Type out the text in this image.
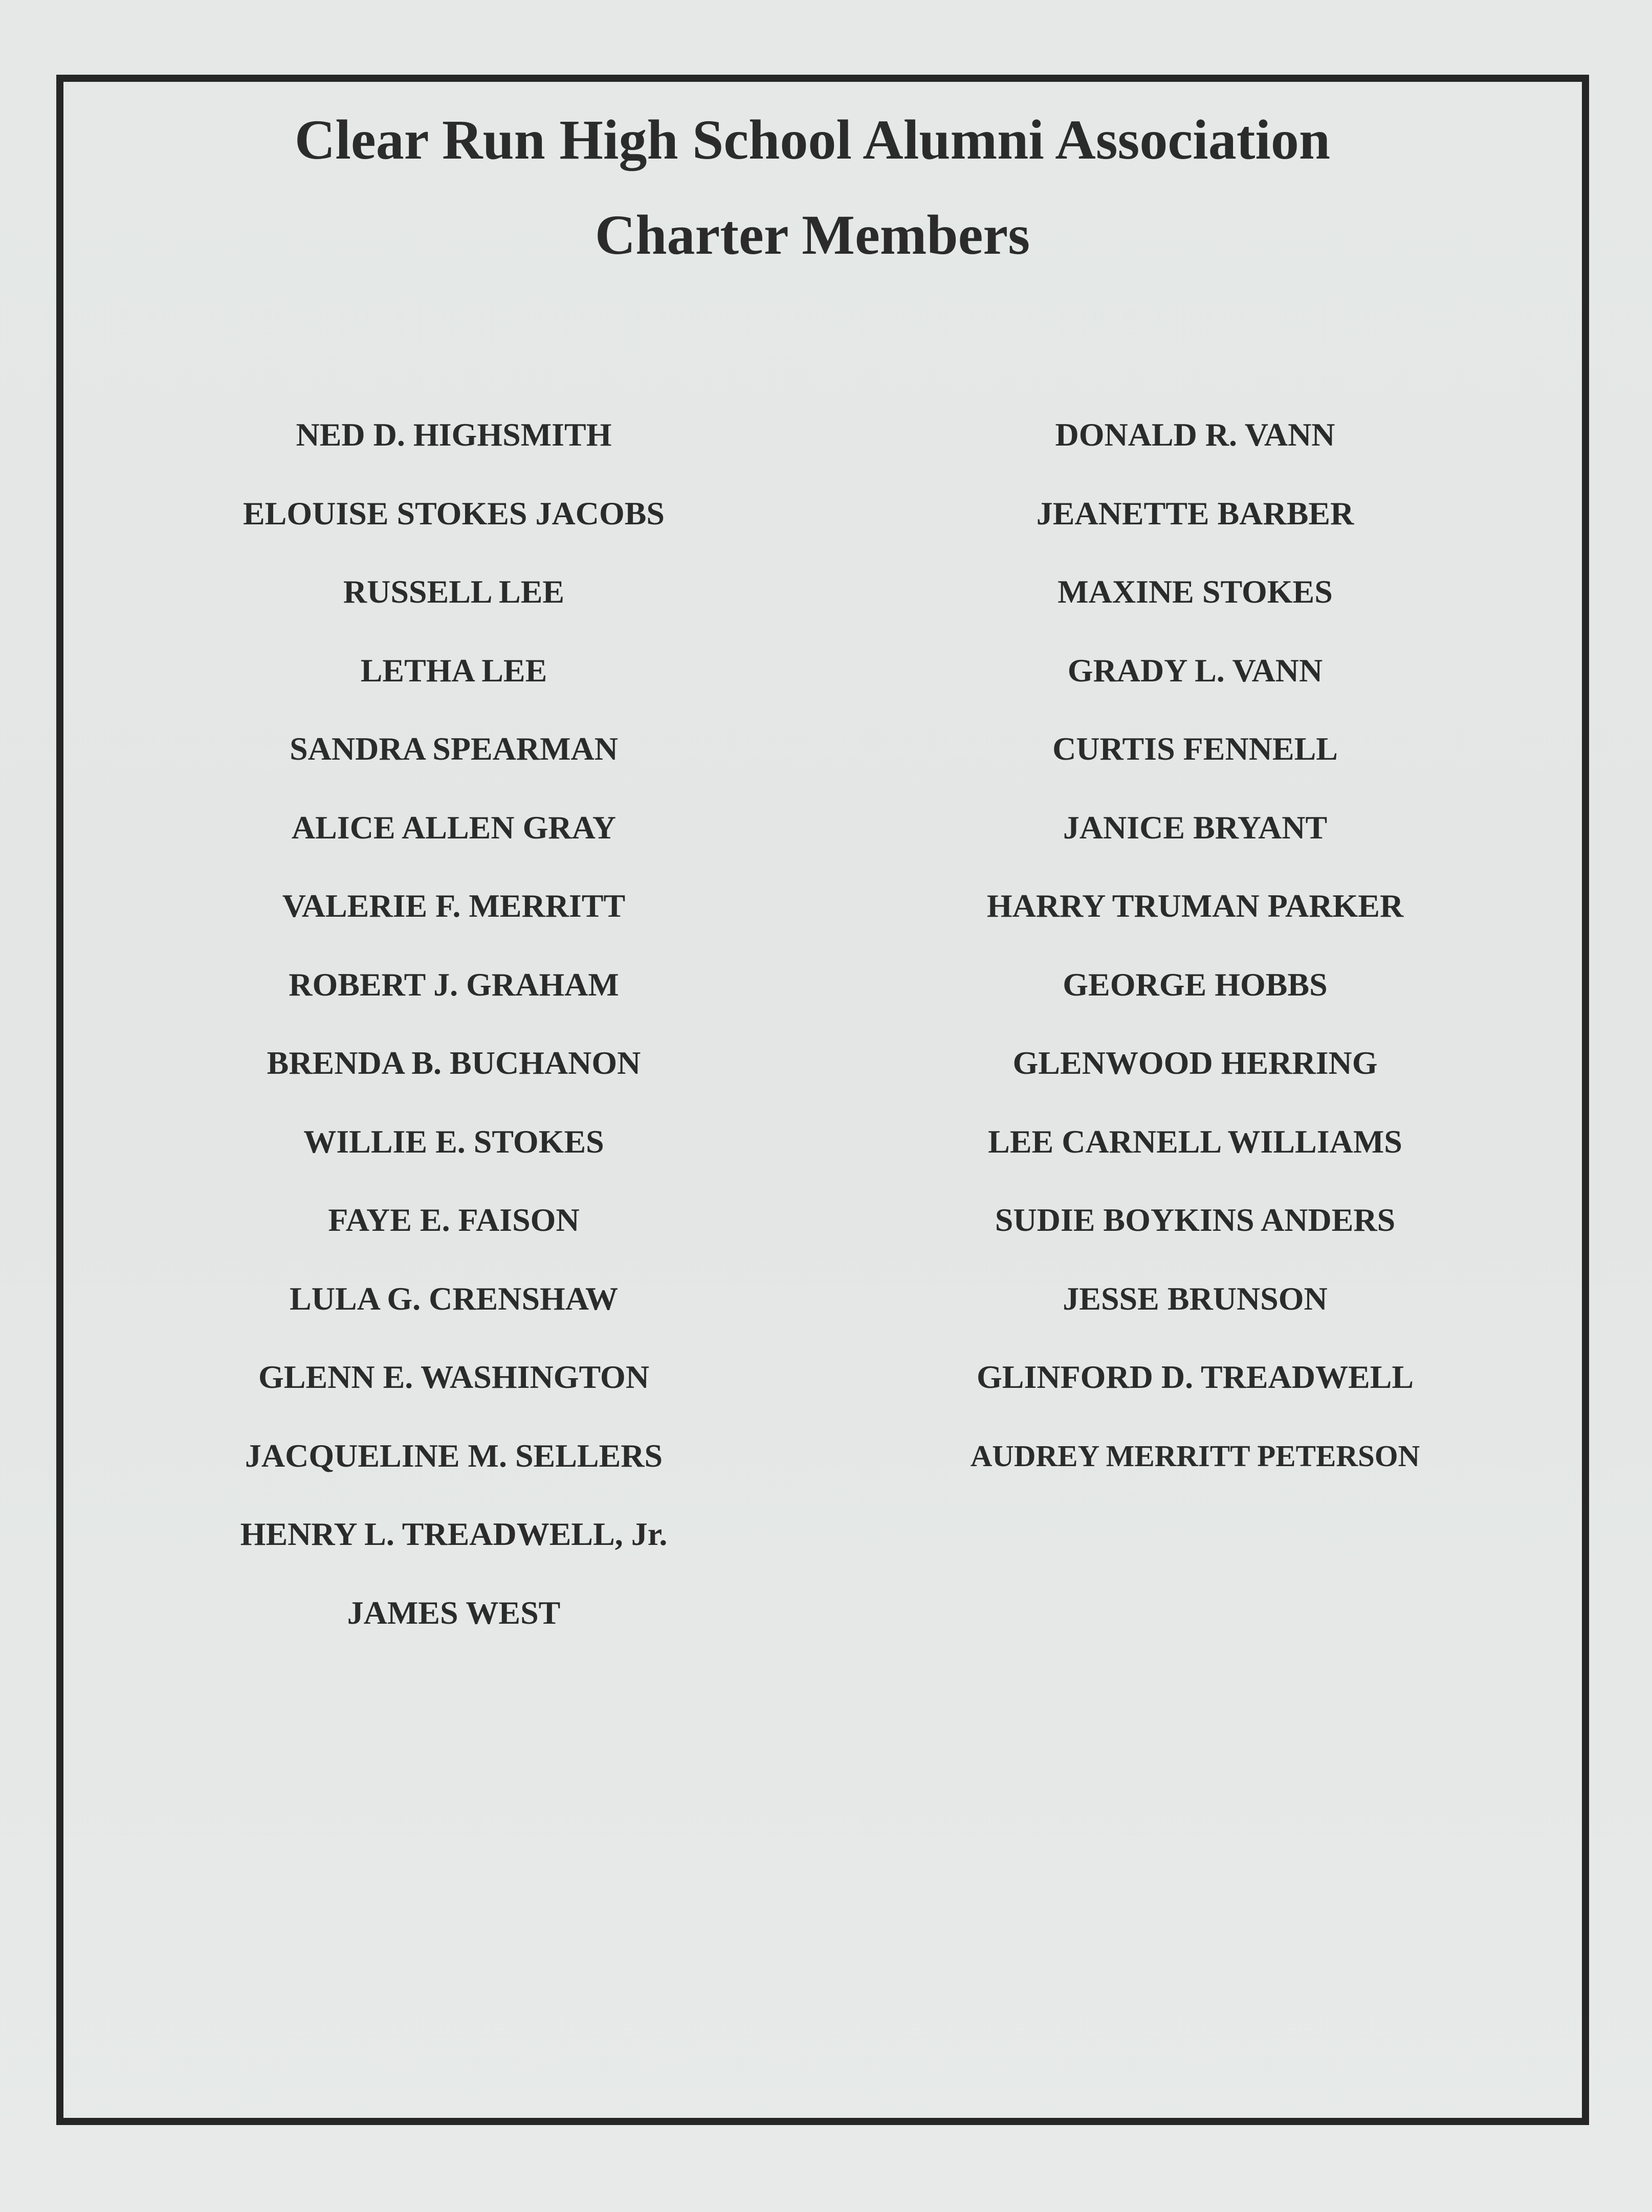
Clear Run High School Alumni Association
Charter Members
NED D. HIGHSMITH
ELOUISE STOKES JACOBS
RUSSELL LEE
LETHA LEE
SANDRA SPEARMAN
ALICE ALLEN GRAY
VALERIE F. MERRITT
ROBERT J. GRAHAM
BRENDA B. BUCHANON
WILLIE E. STOKES
FAYE E. FAISON
LULA G. CRENSHAW
GLENN E. WASHINGTON
JACQUELINE M. SELLERS
HENRY L. TREADWELL, Jr.
JAMES WEST
DONALD R. VANN
JEANETTE BARBER
MAXINE STOKES
GRADY L. VANN
CURTIS FENNELL
JANICE BRYANT
HARRY TRUMAN PARKER
GEORGE HOBBS
GLENWOOD HERRING
LEE CARNELL WILLIAMS
SUDIE BOYKINS ANDERS
JESSE BRUNSON
GLINFORD D. TREADWELL
AUDREY MERRITT PETERSON
